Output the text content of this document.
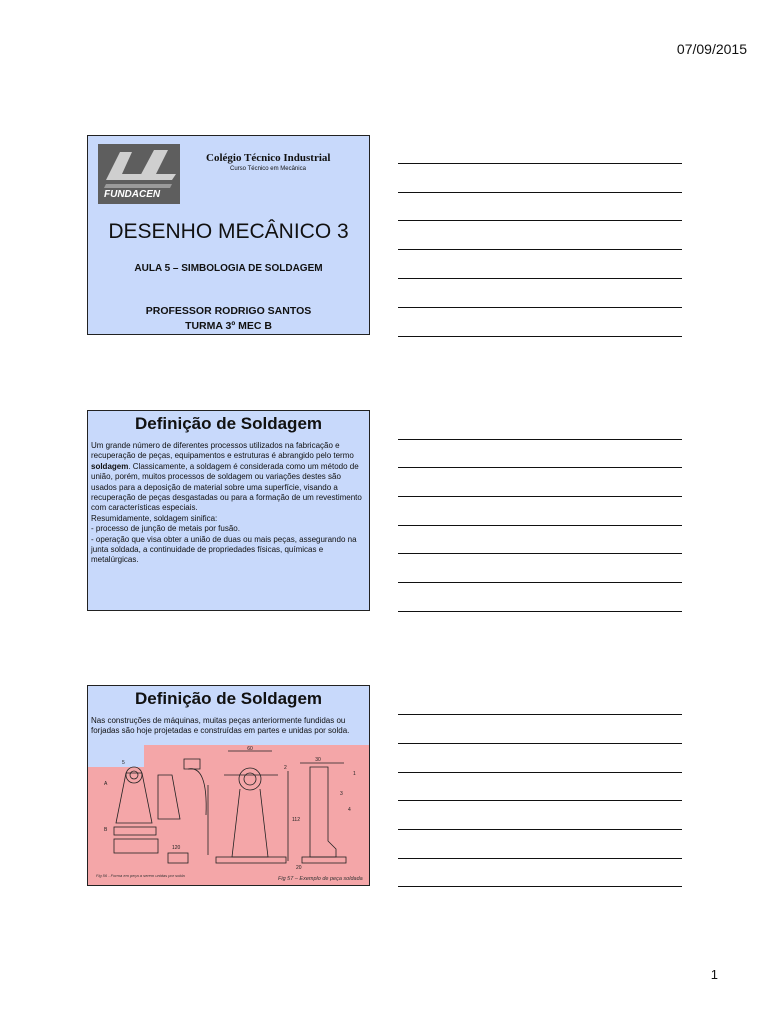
07/09/2015
FUNDACEN
Colégio Técnico Industrial
Curso Técnico em Mecânica
DESENHO MECÂNICO 3
AULA 5 – SIMBOLOGIA DE SOLDAGEM
PROFESSOR RODRIGO SANTOS
TURMA 3º MEC B
Definição de Soldagem
Um grande número de diferentes processos utilizados na fabricação e recuperação de peças, equipamentos e estruturas é abrangido pelo termo soldagem. Classicamente, a soldagem é considerada como um método de união, porém, muitos processos de soldagem ou variações destes são usados para a deposição de material sobre uma superfície, visando a recuperação de peças desgastadas ou para a formação de um revestimento com características especiais.
Resumidamente, soldagem sinifica:
- processo de junção de metais por fusão.
- operação que visa obter a união de duas ou mais peças, assegurando na junta soldada, a continuidade de propriedades físicas, químicas e metalúrgicas.
Definição de Soldagem
Nas construções de máquinas, muitas peças anteriormente fundidas ou forjadas são hoje projetadas e construídas em partes e unidas por solda.
60
30
112
20
120
1
2
3
4
5
A
B
Fig 56 - Forma em peça a serem unidas por solda
Fig 57 – Exemplo de peça soldada
1
